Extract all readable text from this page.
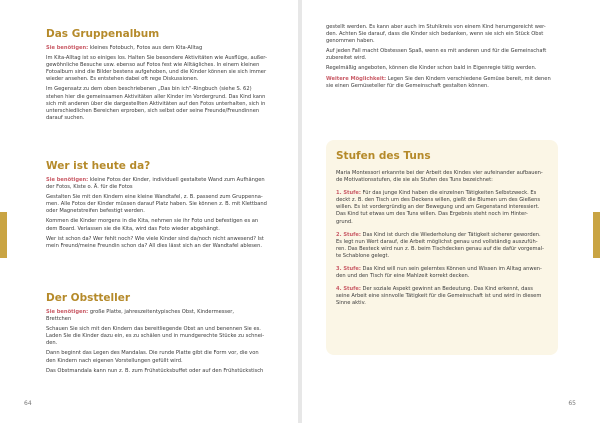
Das Gruppenalbum
Sie benötigen: kleines Fotobuch, Fotos aus dem Kita-Alltag
Im Kita-Alltag ist so einiges los. Halten Sie besondere Aktivitäten wie Ausflüge, außer-
gewöhnliche Besuche usw. ebenso auf Fotos fest wie Alltägliches. In einem kleinen
Fotoalbum sind die Bilder bestens aufgehoben, und die Kinder können sie sich immer
wieder ansehen. Es entstehen dabei oft rege Diskussionen.
Im Gegensatz zu dem oben beschriebenen „Das bin ich“-Ringbuch (siehe S. 62)
stehen hier die gemeinsamen Aktivitäten aller Kinder im Vordergrund. Das Kind kann
sich mit anderen über die dargestellten Aktivitäten auf den Fotos unterhalten, sich in
unterschiedlichen Bereichen erproben, sich selbst oder seine Freunde/Freundinnen
darauf suchen.
Wer ist heute da?
Sie benötigen: kleine Fotos der Kinder, individuell gestaltete Wand zum Aufhängen
der Fotos, Kiste o. Ä. für die Fotos
Gestalten Sie mit den Kindern eine kleine Wandtafel, z. B. passend zum Gruppenna-
men. Alle Fotos der Kinder müssen darauf Platz haben. Sie können z. B. mit Klettband
oder Magnetstreifen befestigt werden.
Kommen die Kinder morgens in die Kita, nehmen sie ihr Foto und befestigen es an
dem Board. Verlassen sie die Kita, wird das Foto wieder abgehängt.
Wer ist schon da? Wer fehlt noch? Wie viele Kinder sind da/noch nicht anwesend? Ist
mein Freund/meine Freundin schon da? All dies lässt sich an der Wandtafel ablesen.
Der Obstteller
Sie benötigen: große Platte, jahreszeitentypisches Obst, Kindermesser,
Brettchen
Schauen Sie sich mit den Kindern das bereitliegende Obst an und benennen Sie es.
Laden Sie die Kinder dazu ein, es zu schälen und in mundgerechte Stücke zu schnei-
den.
Dann beginnt das Legen des Mandalas. Die runde Platte gibt die Form vor, die von
den Kindern nach eigenen Vorstellungen gefüllt wird.
Das Obstmandala kann nun z. B. zum Frühstücksbuffet oder auf den Frühstückstisch
64
gestellt werden. Es kann aber auch im Stuhlkreis von einem Kind herumgereicht wer-
den. Achten Sie darauf, dass die Kinder sich bedanken, wenn sie sich ein Stück Obst
genommen haben.
Auf jeden Fall macht Obstessen Spaß, wenn es mit anderen und für die Gemeinschaft
zubereitet wird.
Regelmäßig angeboten, können die Kinder schon bald in Eigenregie tätig werden.
Weitere Möglichkeit: Legen Sie den Kindern verschiedene Gemüse bereit, mit denen
sie einen Gemüseteller für die Gemeinschaft gestalten können.
Stufen des Tuns
Maria Montessori erkannte bei der Arbeit des Kindes vier aufeinander aufbauen-
de Motivationsstufen, die sie als Stufen des Tuns bezeichnet:
1. Stufe: Für das junge Kind haben die einzelnen Tätigkeiten Selbstzweck. Es
deckt z. B. den Tisch um des Deckens willen, gießt die Blumen um des Gießens
willen. Es ist vordergründig an der Bewegung und am Gegenstand interessiert.
Das Kind tut etwas um des Tuns willen. Das Ergebnis steht noch im Hinter-
grund.
2. Stufe: Das Kind ist durch die Wiederholung der Tätigkeit sicherer geworden.
Es legt nun Wert darauf, die Arbeit möglichst genau und vollständig auszufüh-
ren. Das Besteck wird nun z. B. beim Tischdecken genau auf die dafür vorgemal-
te Schablone gelegt.
3. Stufe: Das Kind will nun sein gelerntes Können und Wissen im Alltag anwen-
den und den Tisch für eine Mahlzeit korrekt decken.
4. Stufe: Der soziale Aspekt gewinnt an Bedeutung. Das Kind erkennt, dass
seine Arbeit eine sinnvolle Tätigkeit für die Gemeinschaft ist und wird in diesem
Sinne aktiv.
65
